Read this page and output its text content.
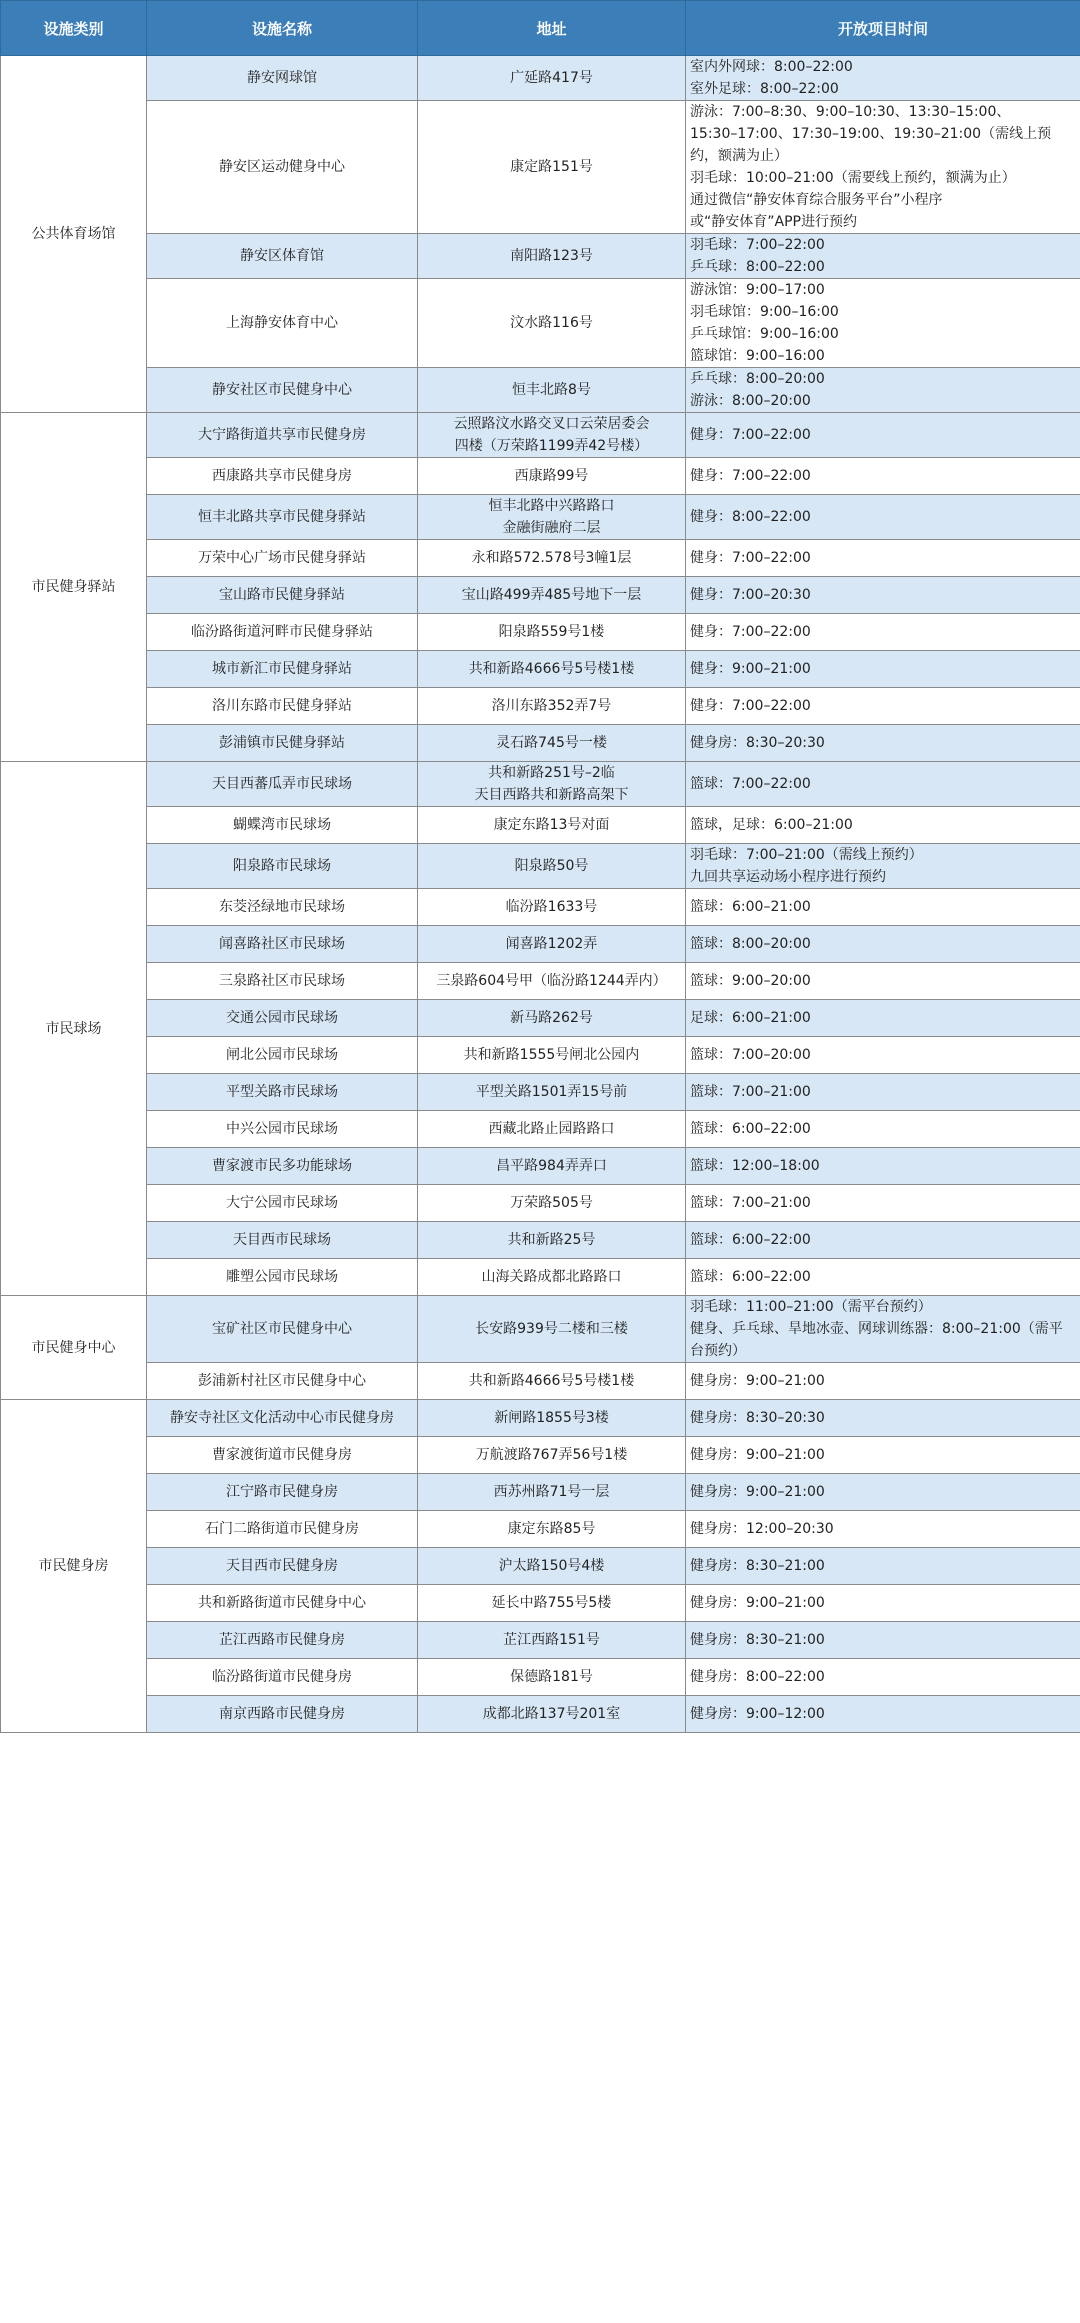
设施类别	设施名称	地址	开放项目时间
公共体育场馆	静安网球馆	广延路417号	室内外网球：8:00–22:00
室外足球：8:00–22:00
	静安区运动健身中心	康定路151号	游泳：7:00–8:30、9:00–10:30、13:30–15:00、
15:30–17:00、17:30–19:00、19:30–21:00（需线上预约，额满为止）
羽毛球：10:00–21:00（需要线上预约，额满为止）
通过微信“静安体育综合服务平台”小程序
或“静安体育”APP进行预约
	静安区体育馆	南阳路123号	羽毛球：7:00–22:00
乒乓球：8:00–22:00
	上海静安体育中心	汶水路116号	游泳馆：9:00–17:00
羽毛球馆：9:00–16:00
乒乓球馆：9:00–16:00
篮球馆：9:00–16:00
	静安社区市民健身中心	恒丰北路8号	乒乓球：8:00–20:00
游泳：8:00–20:00
市民健身驿站	大宁路街道共享市民健身房	云照路汶水路交叉口云荣居委会
四楼（万荣路1199弄42号楼）	健身：7:00–22:00
	西康路共享市民健身房	西康路99号	健身：7:00–22:00
	恒丰北路共享市民健身驿站	恒丰北路中兴路路口
金融街融府二层	健身：8:00–22:00
	万荣中心广场市民健身驿站	永和路572.578号3幢1层	健身：7:00–22:00
	宝山路市民健身驿站	宝山路499弄485号地下一层	健身：7:00–20:30
	临汾路街道河畔市民健身驿站	阳泉路559号1楼	健身：7:00–22:00
	城市新汇市民健身驿站	共和新路4666号5号楼1楼	健身：9:00–21:00
	洛川东路市民健身驿站	洛川东路352弄7号	健身：7:00–22:00
	彭浦镇市民健身驿站	灵石路745号一楼	健身房：8:30–20:30
市民球场	天目西蕃瓜弄市民球场	共和新路251号–2临
天目西路共和新路高架下	篮球：7:00–22:00
	蝴蝶湾市民球场	康定东路13号对面	篮球，足球：6:00–21:00
	阳泉路市民球场	阳泉路50号	羽毛球：7:00–21:00（需线上预约）
九回共享运动场小程序进行预约
	东茭泾绿地市民球场	临汾路1633号	篮球：6:00–21:00
	闻喜路社区市民球场	闻喜路1202弄	篮球：8:00–20:00
	三泉路社区市民球场	三泉路604号甲（临汾路1244弄内）	篮球：9:00–20:00
	交通公园市民球场	新马路262号	足球：6:00–21:00
	闸北公园市民球场	共和新路1555号闸北公园内	篮球：7:00–20:00
	平型关路市民球场	平型关路1501弄15号前	篮球：7:00–21:00
	中兴公园市民球场	西藏北路止园路路口	篮球：6:00–22:00
	曹家渡市民多功能球场	昌平路984弄弄口	篮球：12:00–18:00
	大宁公园市民球场	万荣路505号	篮球：7:00–21:00
	天目西市民球场	共和新路25号	篮球：6:00–22:00
	雕塑公园市民球场	山海关路成都北路路口	篮球：6:00–22:00
市民健身中心	宝矿社区市民健身中心	长安路939号二楼和三楼	羽毛球：11:00–21:00（需平台预约）
健身、乒乓球、旱地冰壶、网球训练器：8:00–21:00（需平台预约）
	彭浦新村社区市民健身中心	共和新路4666号5号楼1楼	健身房：9:00–21:00
市民健身房	静安寺社区文化活动中心市民健身房	新闸路1855号3楼	健身房：8:30–20:30
	曹家渡街道市民健身房	万航渡路767弄56号1楼	健身房：9:00–21:00
	江宁路市民健身房	西苏州路71号一层	健身房：9:00–21:00
	石门二路街道市民健身房	康定东路85号	健身房：12:00–20:30
	天目西市民健身房	沪太路150号4楼	健身房：8:30–21:00
	共和新路街道市民健身中心	延长中路755号5楼	健身房：9:00–21:00
	芷江西路市民健身房	芷江西路151号	健身房：8:30–21:00
	临汾路街道市民健身房	保德路181号	健身房：8:00–22:00
	南京西路市民健身房	成都北路137号201室	健身房：9:00–12:00
